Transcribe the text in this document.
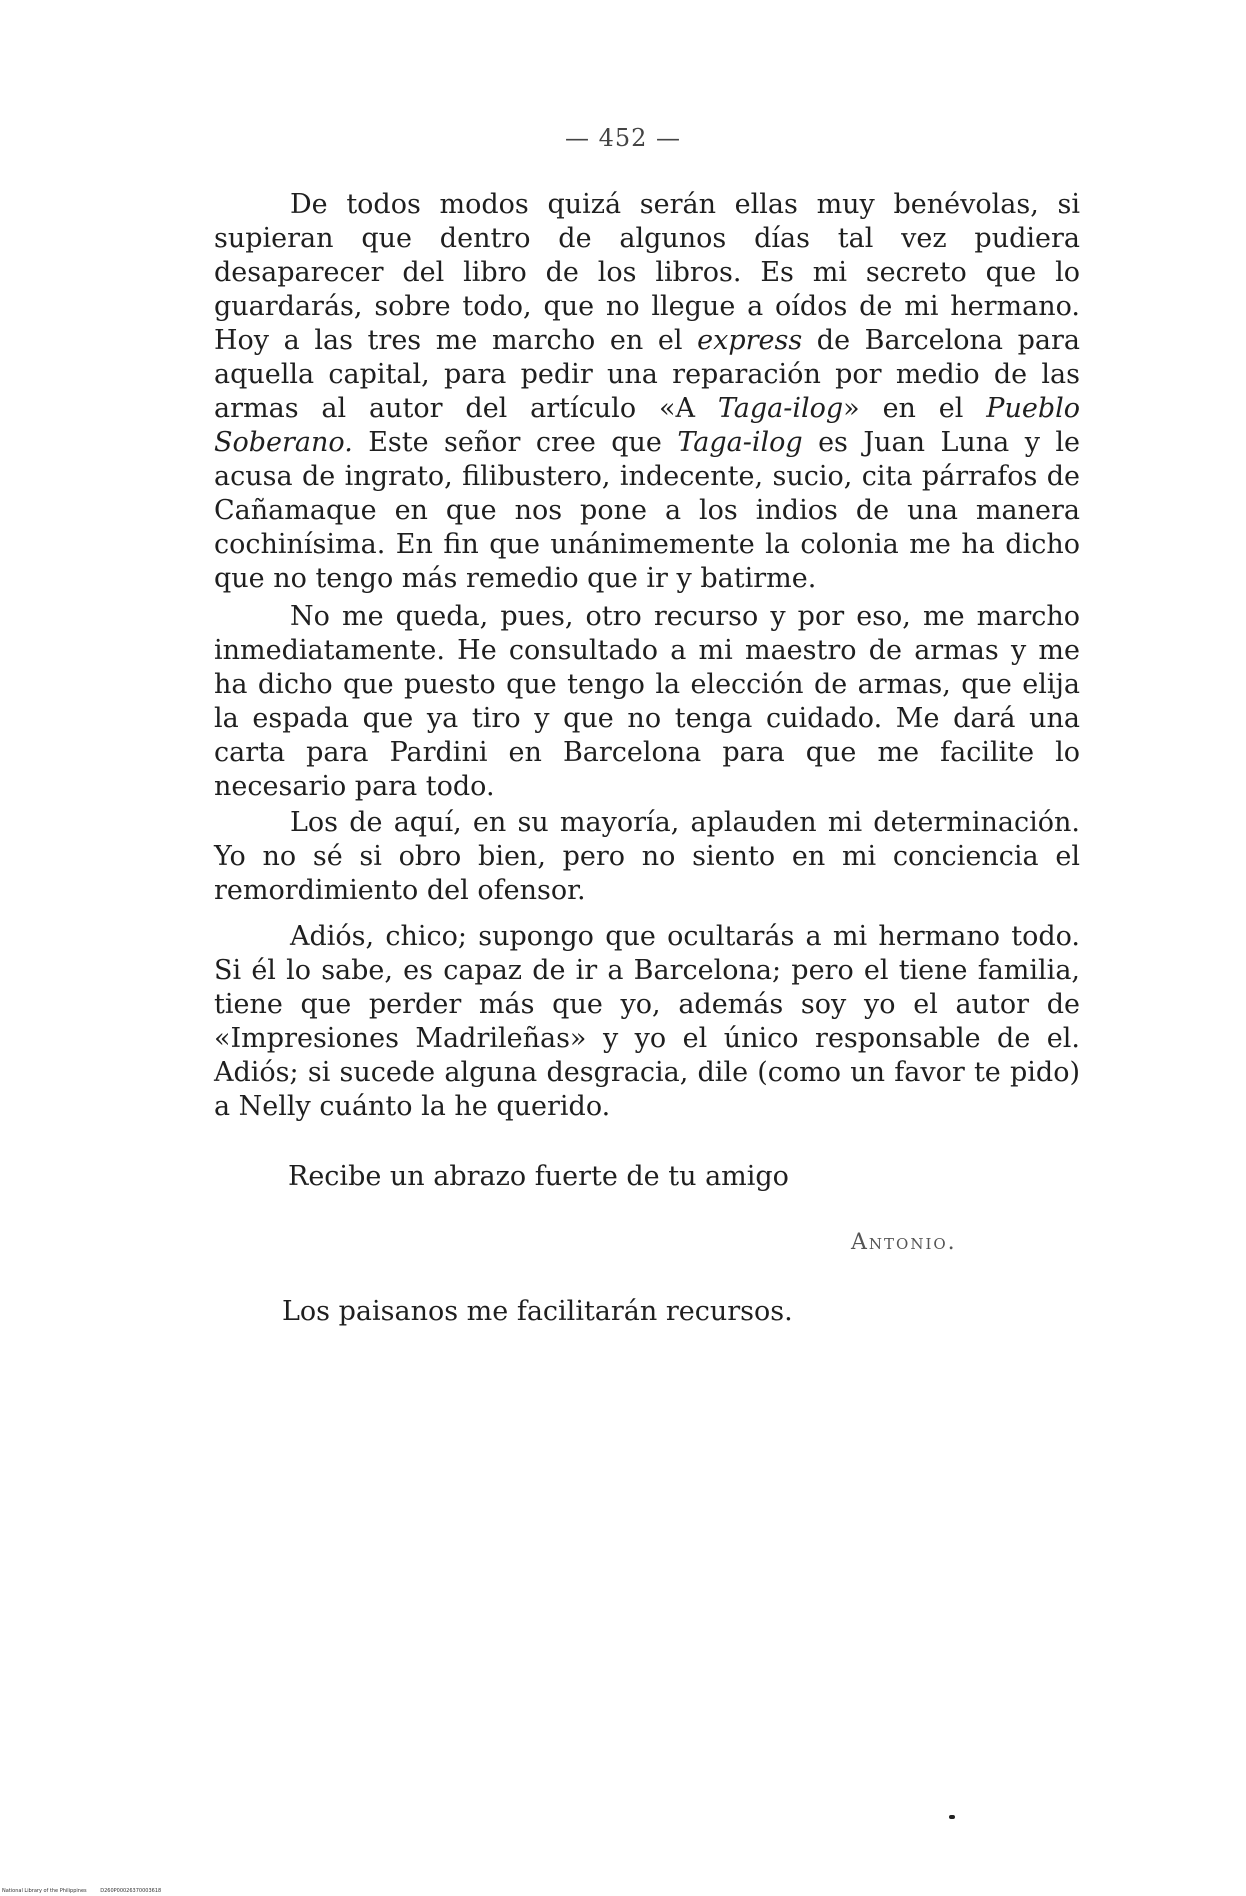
— 452 —

De todos modos quizá serán ellas muy benévolas, si supieran que dentro de algunos días tal vez pudiera desaparecer del libro de los libros. Es mi secreto que lo guardarás, sobre todo, que no llegue a oídos de mi hermano. Hoy a las tres me marcho en el express de Barcelona para aquella capital, para pedir una reparación por medio de las armas al autor del artículo «A Taga-ilog» en el Pueblo Soberano. Este señor cree que Taga-ilog es Juan Luna y le acusa de ingrato, filibustero, indecente, sucio, cita párrafos de Cañamaque en que nos pone a los indios de una manera cochinísima. En fin que unánimemente la colonia me ha dicho que no tengo más remedio que ir y batirme.

No me queda, pues, otro recurso y por eso, me marcho inmediatamente. He consultado a mi maestro de armas y me ha dicho que puesto que tengo la elección de armas, que elija la espada que ya tiro y que no tenga cuidado. Me dará una carta para Pardini en Barcelona para que me facilite lo necesario para todo.

Los de aquí, en su mayoría, aplauden mi determinación. Yo no sé si obro bien, pero no siento en mi conciencia el remordimiento del ofensor.

Adiós, chico; supongo que ocultarás a mi hermano todo. Si él lo sabe, es capaz de ir a Barcelona; pero el tiene familia, tiene que perder más que yo, además soy yo el autor de «Impresiones Madrileñas» y yo el único responsable de el. Adiós; si sucede alguna desgracia, dile (como un favor te pido) a Nelly cuánto la he querido.

Recibe un abrazo fuerte de tu amigo
Antonio.
Los paisanos me facilitarán recursos.
National Library of the Philippines	D260P00026370003618
